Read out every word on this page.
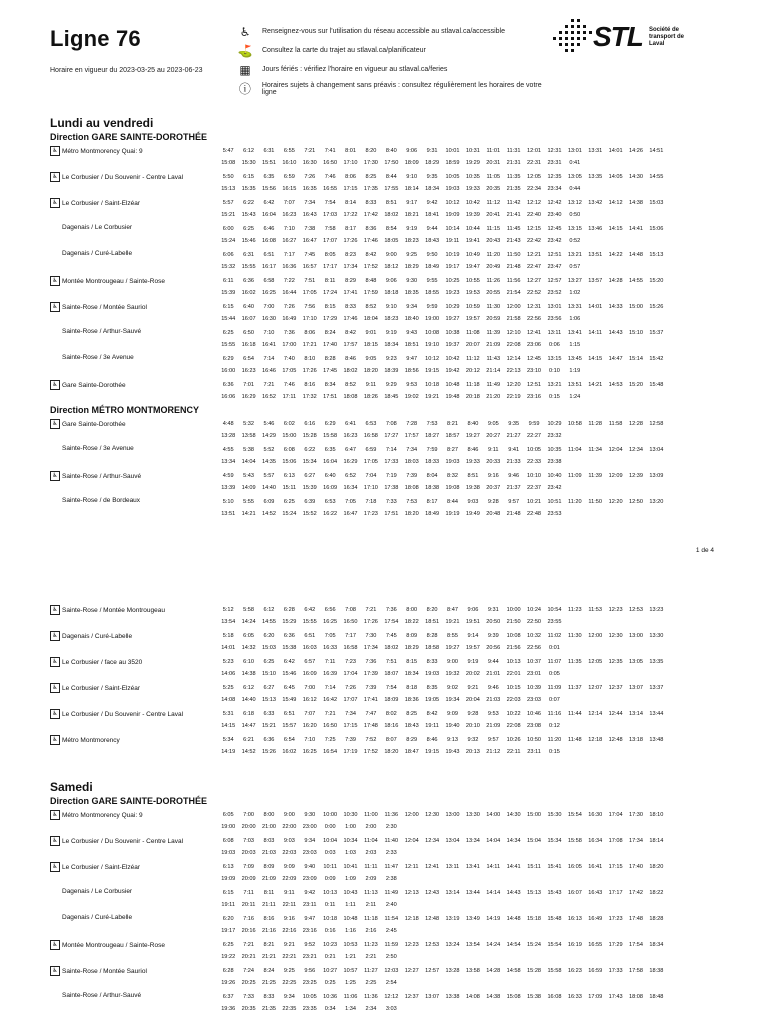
Ligne 76
Horaire en vigueur du 2023-03-25 au 2023-06-23
♿	Renseignez-vous sur l'utilisation du réseau accessible au stlaval.ca/accessible
⛳ Consultez la carte du trajet au stlaval.ca/planificateur
▦	Jours fériés : vérifiez l'horaire en vigueur au stlaval.ca/feries
ⓘ	Horaires sujets à changement sans préavis : consultez régulièrement les horaires de votre ligne
STL Société de transport de Laval
Lundi au vendredi
Direction GARE SAINTE-DOROTHÉE
♿ Métro Montmorency Quai: 9	5:47	6:12	6:31	6:55	7:21	7:41	8:01	8:20	8:40	9:06	9:31	10:01	10:31	11:01	11:31	12:01	12:31	13:01	13:31	14:01	14:26	14:51
15:08	15:30	15:51	16:10	16:30	16:50	17:10	17:30	17:50	18:09	18:29	18:59	19:29	20:31	21:31	22:31	23:31	0:41
♿ Le Corbusier / Du Souvenir - Centre Laval	5:50	6:15	6:35	6:59	7:26	7:46	8:06	8:25	8:44	9:10	9:35	10:05	10:35	11:05	11:35	12:05	12:35	13:05	13:35	14:05	14:30	14:55
15:13	15:35	15:56	16:15	16:35	16:55	17:15	17:35	17:55	18:14	18:34	19:03	19:33	20:35	21:35	22:34	23:34	0:44
♿ Le Corbusier / Saint-Elzéar	5:57	6:22	6:42	7:07	7:34	7:54	8:14	8:33	8:51	9:17	9:42	10:12	10:42	11:12	11:42	12:12	12:42	13:12	13:42	14:12	14:38	15:03
15:21	15:43	16:04	16:23	16:43	17:03	17:22	17:42	18:02	18:21	18:41	19:09	19:39	20:41	21:41	22:40	23:40	0:50
Dagenais / Le Corbusier	6:00	6:25	6:46	7:10	7:38	7:58	8:17	8:36	8:54	9:19	9:44	10:14	10:44	11:15	11:45	12:15	12:45	13:15	13:46	14:15	14:41	15:06
15:24	15:46	16:08	16:27	16:47	17:07	17:26	17:46	18:05	18:23	18:43	19:11	19:41	20:43	21:43	22:42	23:42	0:52
Dagenais / Curé-Labelle	6:06	6:31	6:51	7:17	7:45	8:05	8:23	8:42	9:00	9:25	9:50	10:19	10:49	11:20	11:50	12:21	12:51	13:21	13:51	14:22	14:48	15:13
15:32	15:55	16:17	16:36	16:57	17:17	17:34	17:52	18:12	18:29	18:49	19:17	19:47	20:49	21:48	22:47	23:47	0:57
♿ Montée Montrougeau / Sainte-Rose	6:11	6:36	6:58	7:22	7:51	8:11	8:29	8:48	9:06	9:30	9:55	10:25	10:55	11:26	11:56	12:27	12:57	13:27	13:57	14:28	14:55	15:20
15:39	16:02	16:25	16:44	17:05	17:24	17:41	17:59	18:18	18:35	18:55	19:23	19:53	20:55	21:54	22:52	23:52	1:02
♿ Sainte-Rose / Montée Sauriol	6:15	6:40	7:00	7:26	7:56	8:15	8:33	8:52	9:10	9:34	9:59	10:29	10:59	11:30	12:00	12:31	13:01	13:31	14:01	14:33	15:00	15:26
15:44	16:07	16:30	16:49	17:10	17:29	17:46	18:04	18:23	18:40	19:00	19:27	19:57	20:59	21:58	22:56	23:56	1:06
Sainte-Rose / Arthur-Sauvé	6:25	6:50	7:10	7:36	8:06	8:24	8:42	9:01	9:19	9:43	10:08	10:38	11:08	11:39	12:10	12:41	13:11	13:41	14:11	14:43	15:10	15:37
15:55	16:18	16:41	17:00	17:21	17:40	17:57	18:15	18:34	18:51	19:10	19:37	20:07	21:09	22:08	23:06	0:06	1:15
Sainte-Rose / 3e Avenue	6:29	6:54	7:14	7:40	8:10	8:28	8:46	9:05	9:23	9:47	10:12	10:42	11:12	11:43	12:14	12:45	13:15	13:45	14:15	14:47	15:14	15:42
16:00	16:23	16:46	17:05	17:26	17:45	18:02	18:20	18:39	18:56	19:15	19:42	20:12	21:14	22:13	23:10	0:10	1:19
♿ Gare Sainte-Dorothée	6:36	7:01	7:21	7:46	8:16	8:34	8:52	9:11	9:29	9:53	10:18	10:48	11:18	11:49	12:20	12:51	13:21	13:51	14:21	14:53	15:20	15:48
16:06	16:29	16:52	17:11	17:32	17:51	18:08	18:26	18:45	19:02	19:21	19:48	20:18	21:20	22:19	23:16	0:15	1:24
Direction MÉTRO MONTMORENCY
♿ Gare Sainte-Dorothée	4:48	5:32	5:46	6:02	6:16	6:29	6:41	6:53	7:08	7:28	7:53	8:21	8:40	9:05	9:35	9:59	10:29	10:58	11:28	11:58	12:28	12:58
13:28	13:58	14:29	15:00	15:28	15:58	16:23	16:58	17:27	17:57	18:27	18:57	19:27	20:27	21:27	22:27	23:32
Sainte-Rose / 3e Avenue	4:55	5:38	5:52	6:08	6:22	6:35	6:47	6:59	7:14	7:34	7:59	8:27	8:46	9:11	9:41	10:05	10:35	11:04	11:34	12:04	12:34	13:04
13:34	14:04	14:35	15:06	15:34	16:04	16:29	17:05	17:33	18:03	18:33	19:03	19:33	20:33	21:33	22:33	23:38
♿ Sainte-Rose / Arthur-Sauvé	4:59	5:43	5:57	6:13	6:27	6:40	6:52	7:04	7:19	7:39	8:04	8:32	8:51	9:16	9:46	10:10	10:40	11:09	11:39	12:09	12:39	13:09
13:39	14:09	14:40	15:11	15:39	16:09	16:34	17:10	17:38	18:08	18:38	19:08	19:38	20:37	21:37	22:37	23:42
Sainte-Rose / de Bordeaux	5:10	5:55	6:09	6:25	6:39	6:53	7:05	7:18	7:33	7:53	8:17	8:44	9:03	9:28	9:57	10:21	10:51	11:20	11:50	12:20	12:50	13:20
13:51	14:21	14:52	15:24	15:52	16:22	16:47	17:23	17:51	18:20	18:49	19:19	19:49	20:48	21:48	22:48	23:53
1 de 4
♿ Sainte-Rose / Montée Montrougeau	5:12	5:58	6:12	6:28	6:42	6:56	7:08	7:21	7:36	8:00	8:20	8:47	9:06	9:31	10:00	10:24	10:54	11:23	11:53	12:23	12:53	13:23
13:54	14:24	14:55	15:29	15:55	16:25	16:50	17:26	17:54	18:22	18:51	19:21	19:51	20:50	21:50	22:50	23:55
♿ Dagenais / Curé-Labelle	5:18	6:05	6:20	6:36	6:51	7:05	7:17	7:30	7:45	8:09	8:28	8:55	9:14	9:39	10:08	10:32	11:02	11:30	12:00	12:30	13:00	13:30
14:01	14:32	15:03	15:38	16:03	16:33	16:58	17:34	18:02	18:29	18:58	19:27	19:57	20:56	21:56	22:56	0:01
♿ Le Corbusier / face au 3520	5:23	6:10	6:25	6:42	6:57	7:11	7:23	7:36	7:51	8:15	8:33	9:00	9:19	9:44	10:13	10:37	11:07	11:35	12:05	12:35	13:05	13:35
14:06	14:38	15:10	15:46	16:09	16:39	17:04	17:39	18:07	18:34	19:03	19:32	20:02	21:01	22:01	23:01	0:05
♿ Le Corbusier / Saint-Elzéar	5:25	6:12	6:27	6:45	7:00	7:14	7:26	7:39	7:54	8:18	8:35	9:02	9:21	9:46	10:15	10:39	11:09	11:37	12:07	12:37	13:07	13:37
14:08	14:40	15:13	15:49	16:12	16:42	17:07	17:41	18:09	18:36	19:05	19:34	20:04	21:03	22:03	23:03	0:07
♿ Le Corbusier / Du Souvenir - Centre Laval	5:31	6:18	6:33	6:51	7:07	7:21	7:34	7:47	8:02	8:25	8:42	9:09	9:28	9:53	10:22	10:46	11:16	11:44	12:14	12:44	13:14	13:44
14:15	14:47	15:21	15:57	16:20	16:50	17:15	17:48	18:16	18:43	19:11	19:40	20:10	21:09	22:08	23:08	0:12
♿ Métro Montmorency	5:34	6:21	6:36	6:54	7:10	7:25	7:39	7:52	8:07	8:29	8:46	9:13	9:32	9:57	10:26	10:50	11:20	11:48	12:18	12:48	13:18	13:48
14:19	14:52	15:26	16:02	16:25	16:54	17:19	17:52	18:20	18:47	19:15	19:43	20:13	21:12	22:11	23:11	0:15
Samedi
Direction GARE SAINTE-DOROTHÉE
♿ Métro Montmorency Quai: 9	6:05	7:00	8:00	9:00	9:30	10:00	10:30	11:00	11:36	12:00	12:30	13:00	13:30	14:00	14:30	15:00	15:30	15:54	16:30	17:04	17:30	18:10
19:00	20:00	21:00	22:00	23:00	0:00	1:00	2:00	2:30
♿ Le Corbusier / Du Souvenir - Centre Laval	6:08	7:03	8:03	9:03	9:34	10:04	10:34	11:04	11:40	12:04	12:34	13:04	13:34	14:04	14:34	15:04	15:34	15:58	16:34	17:08	17:34	18:14
19:03	20:03	21:03	22:03	23:03	0:03	1:03	2:03	2:33
♿ Le Corbusier / Saint-Elzéar	6:13	7:09	8:09	9:09	9:40	10:11	10:41	11:11	11:47	12:11	12:41	13:11	13:41	14:11	14:41	15:11	15:41	16:05	16:41	17:15	17:40	18:20
19:09	20:09	21:09	22:09	23:09	0:09	1:09	2:09	2:38
Dagenais / Le Corbusier	6:15	7:11	8:11	9:11	9:42	10:13	10:43	11:13	11:49	12:13	12:43	13:14	13:44	14:14	14:43	15:13	15:43	16:07	16:43	17:17	17:42	18:22
19:11	20:11	21:11	22:11	23:11	0:11	1:11	2:11	2:40
Dagenais / Curé-Labelle	6:20	7:16	8:16	9:16	9:47	10:18	10:48	11:18	11:54	12:18	12:48	13:19	13:49	14:19	14:48	15:18	15:48	16:13	16:49	17:23	17:48	18:28
19:17	20:16	21:16	22:16	23:16	0:16	1:16	2:16	2:45
♿ Montée Montrougeau / Sainte-Rose	6:25	7:21	8:21	9:21	9:52	10:23	10:53	11:23	11:59	12:23	12:53	13:24	13:54	14:24	14:54	15:24	15:54	16:19	16:55	17:29	17:54	18:34
19:22	20:21	21:21	22:21	23:21	0:21	1:21	2:21	2:50
♿ Sainte-Rose / Montée Sauriol	6:28	7:24	8:24	9:25	9:56	10:27	10:57	11:27	12:03	12:27	12:57	13:28	13:58	14:28	14:58	15:28	15:58	16:23	16:59	17:33	17:58	18:38
19:26	20:25	21:25	22:25	23:25	0:25	1:25	2:25	2:54
Sainte-Rose / Arthur-Sauvé	6:37	7:33	8:33	9:34	10:05	10:36	11:06	11:36	12:12	12:37	13:07	13:38	14:08	14:38	15:08	15:38	16:08	16:33	17:09	17:43	18:08	18:48
19:36	20:35	21:35	22:35	23:35	0:34	1:34	2:34	3:03
